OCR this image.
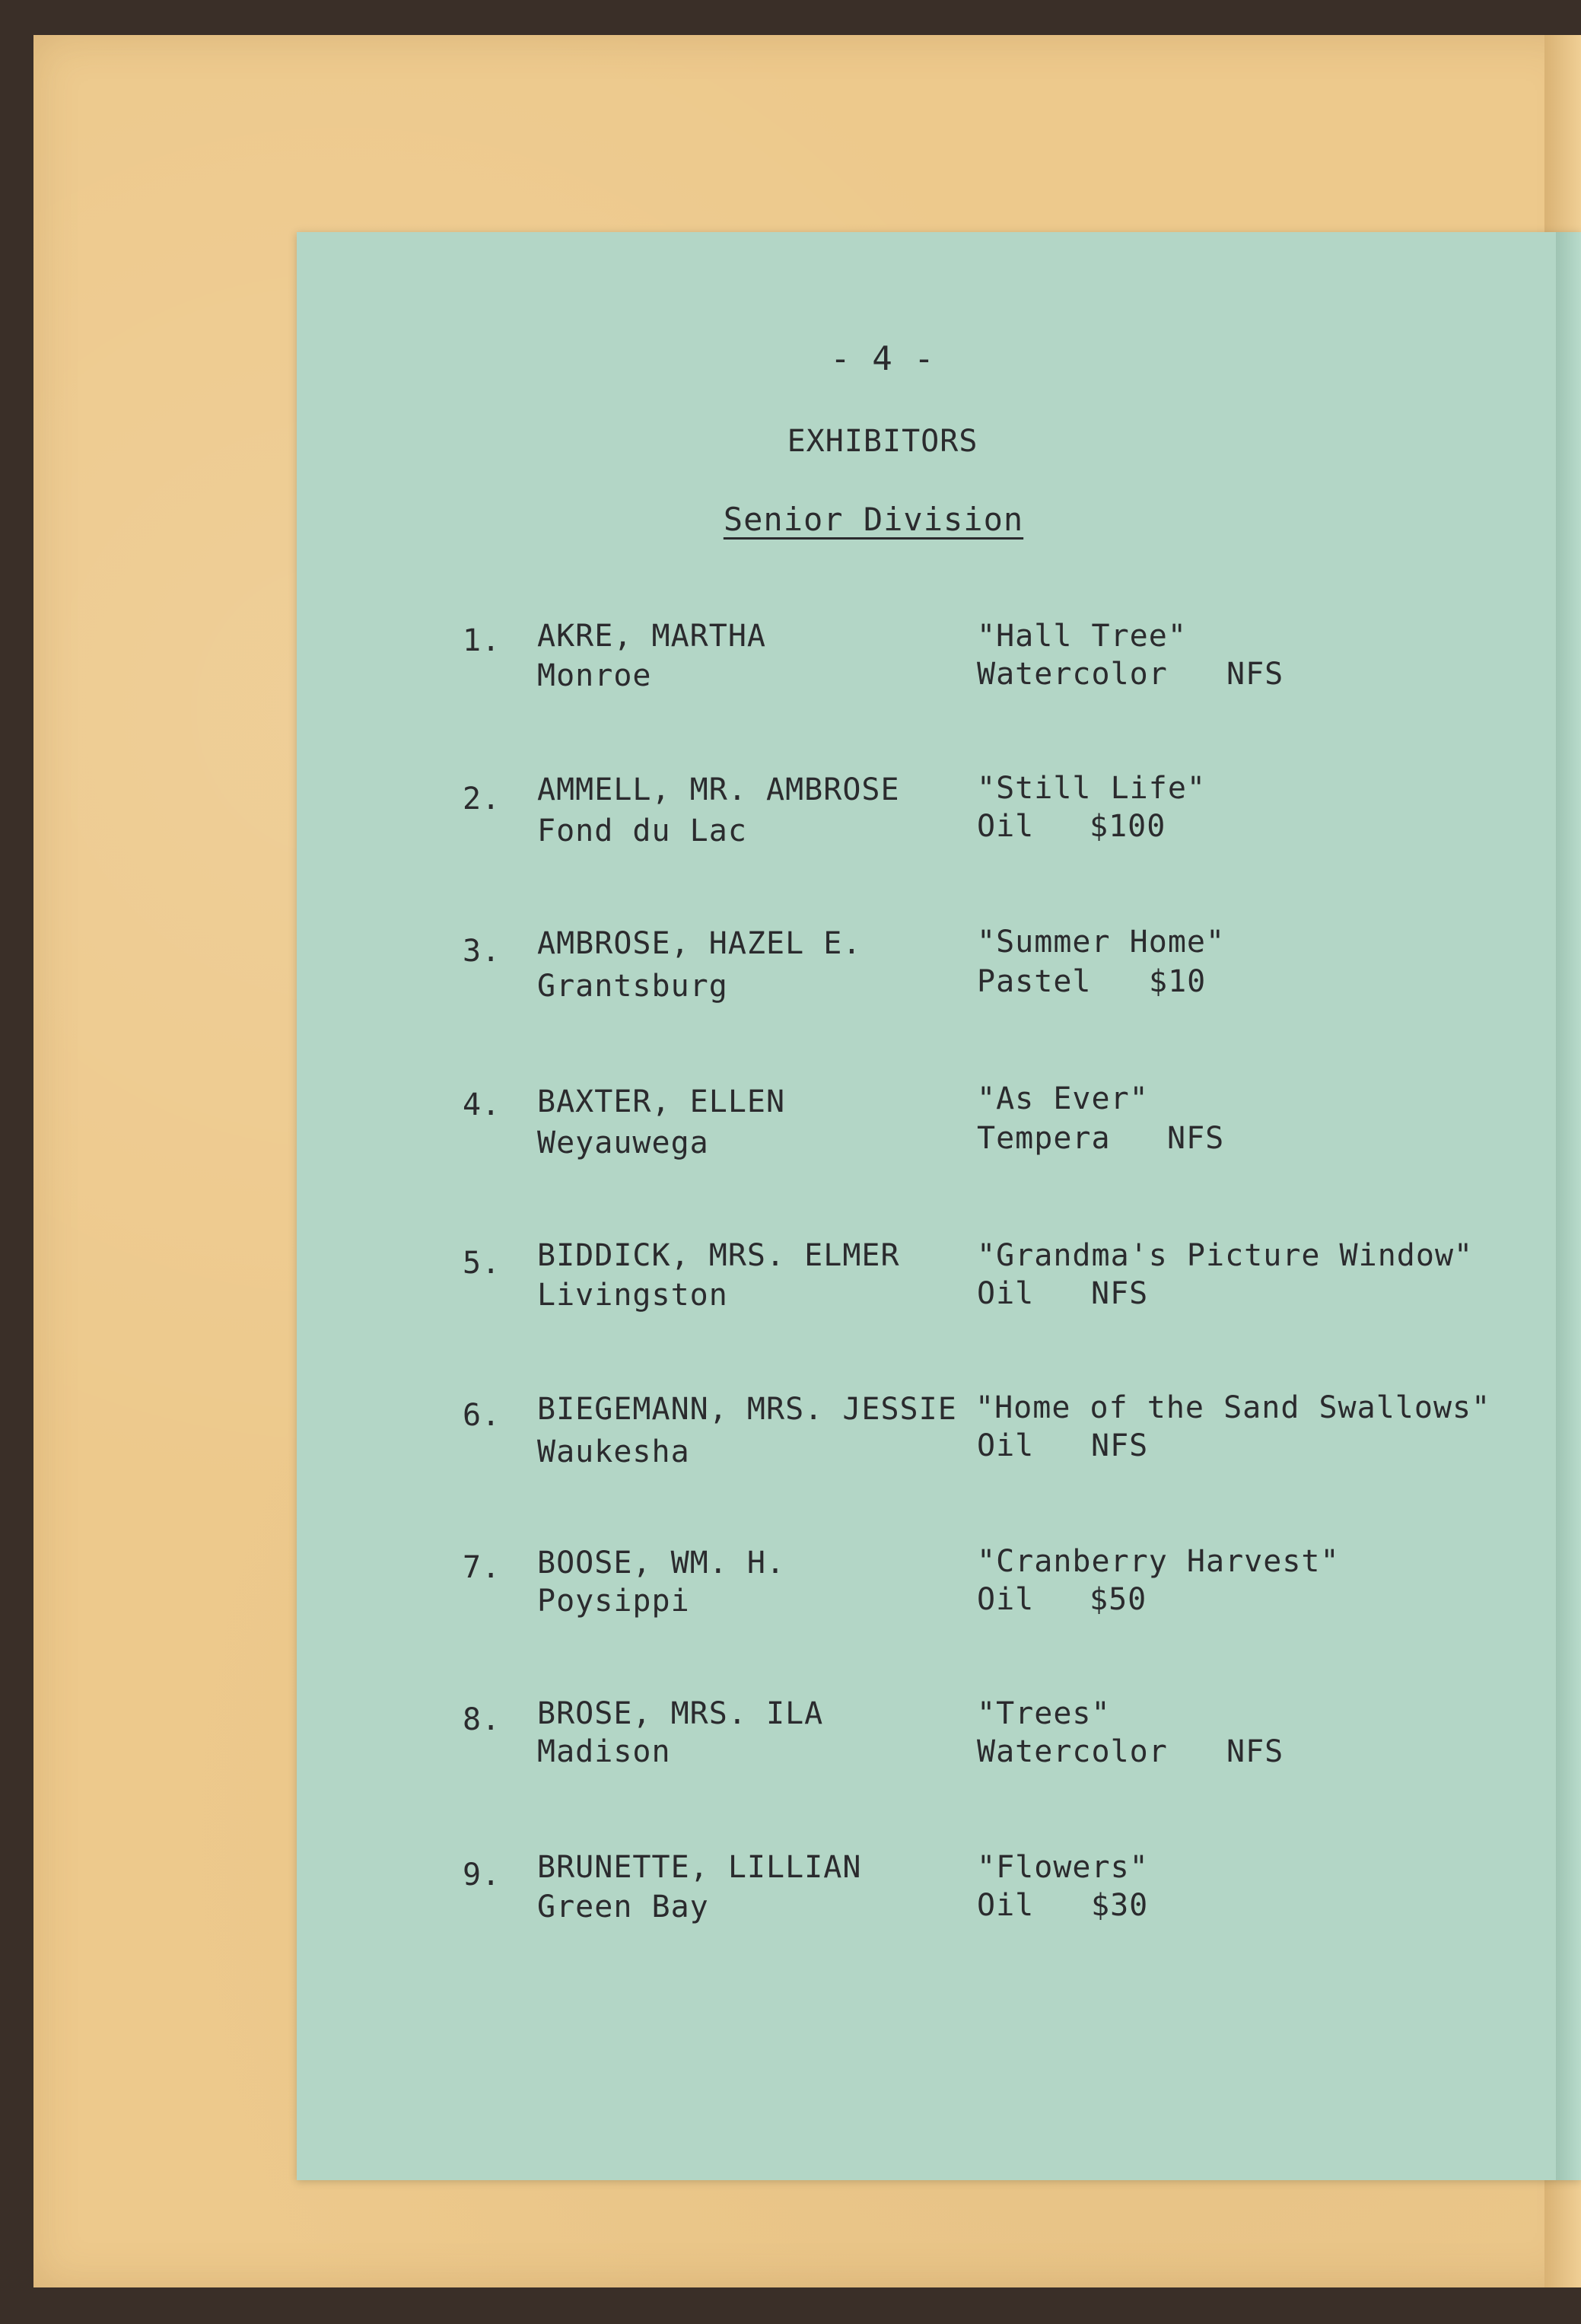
- 4 -
EXHIBITORS
Senior Division
1. AKRE, MARTHA
Monroe
"Hall Tree"
Watercolor NFS
2. AMMELL, MR. AMBROSE
Fond du Lac
"Still Life"
Oil $100
3. AMBROSE, HAZEL E.
Grantsburg
"Summer Home"
Pastel $10
4. BAXTER, ELLEN
Weyauwega
"As Ever"
Tempera NFS
5. BIDDICK, MRS. ELMER
Livingston
"Grandma's Picture Window"
Oil NFS
6. BIEGEMANN, MRS. JESSIE
Waukesha
"Home of the Sand Swallows"
Oil NFS
7. BOOSE, WM. H.
Poysippi
"Cranberry Harvest"
Oil $50
8. BROSE, MRS. ILA
Madison
"Trees"
Watercolor NFS
9. BRUNETTE, LILLIAN
Green Bay
"Flowers"
Oil $30
